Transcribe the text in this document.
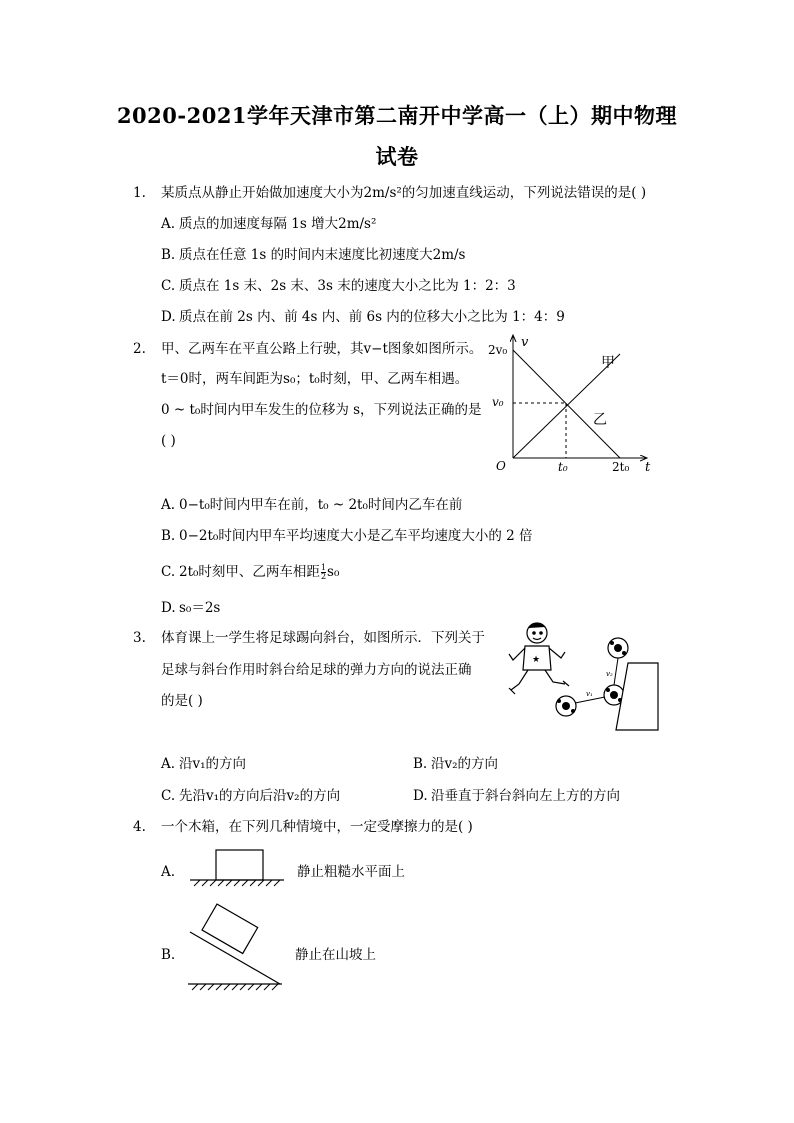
2020-2021学年天津市第二南开中学高一（上）期中物理
试卷
1. 某质点从静止开始做加速度大小为2m/s²的匀加速直线运动，下列说法错误的是( )
A. 质点的加速度每隔 1s 增大2m/s²
B. 质点在任意 1s 的时间内末速度比初速度大2m/s
C. 质点在 1s 末、2s 末、3s 末的速度大小之比为 1：2：3
D. 质点在前 2s 内、前 4s 内、前 6s 内的位移大小之比为 1：4：9
2. 甲、乙两车在平直公路上行驶，其v−t图象如图所示。
t＝0时，两车间距为s₀；t₀时刻，甲、乙两车相遇。
0 ~ t₀时间内甲车发生的位移为 s，下列说法正确的是
( )
v
t
O
2v₀
v₀
t₀	2t₀
甲
乙
A. 0−t₀时间内甲车在前，t₀ ~ 2t₀时间内乙车在前
B. 0−2t₀时间内甲车平均速度大小是乙车平均速度大小的 2 倍
C. 2t₀时刻甲、乙两车相距 $\frac{1}{2} s_0$
D. s₀＝2s
3. 体育课上一学生将足球踢向斜台，如图所示．下列关于
足球与斜台作用时斜台给足球的弹力方向的说法正确
的是( )
★
v₁
v₂
A. 沿v₁的方向	B. 沿v₂的方向
C. 先沿v₁的方向后沿v₂的方向	D. 沿垂直于斜台斜向左上方的方向
4. 一个木箱，在下列几种情境中，一定受摩擦力的是( )
A.	静止粗糙水平面上
B.	静止在山坡上
